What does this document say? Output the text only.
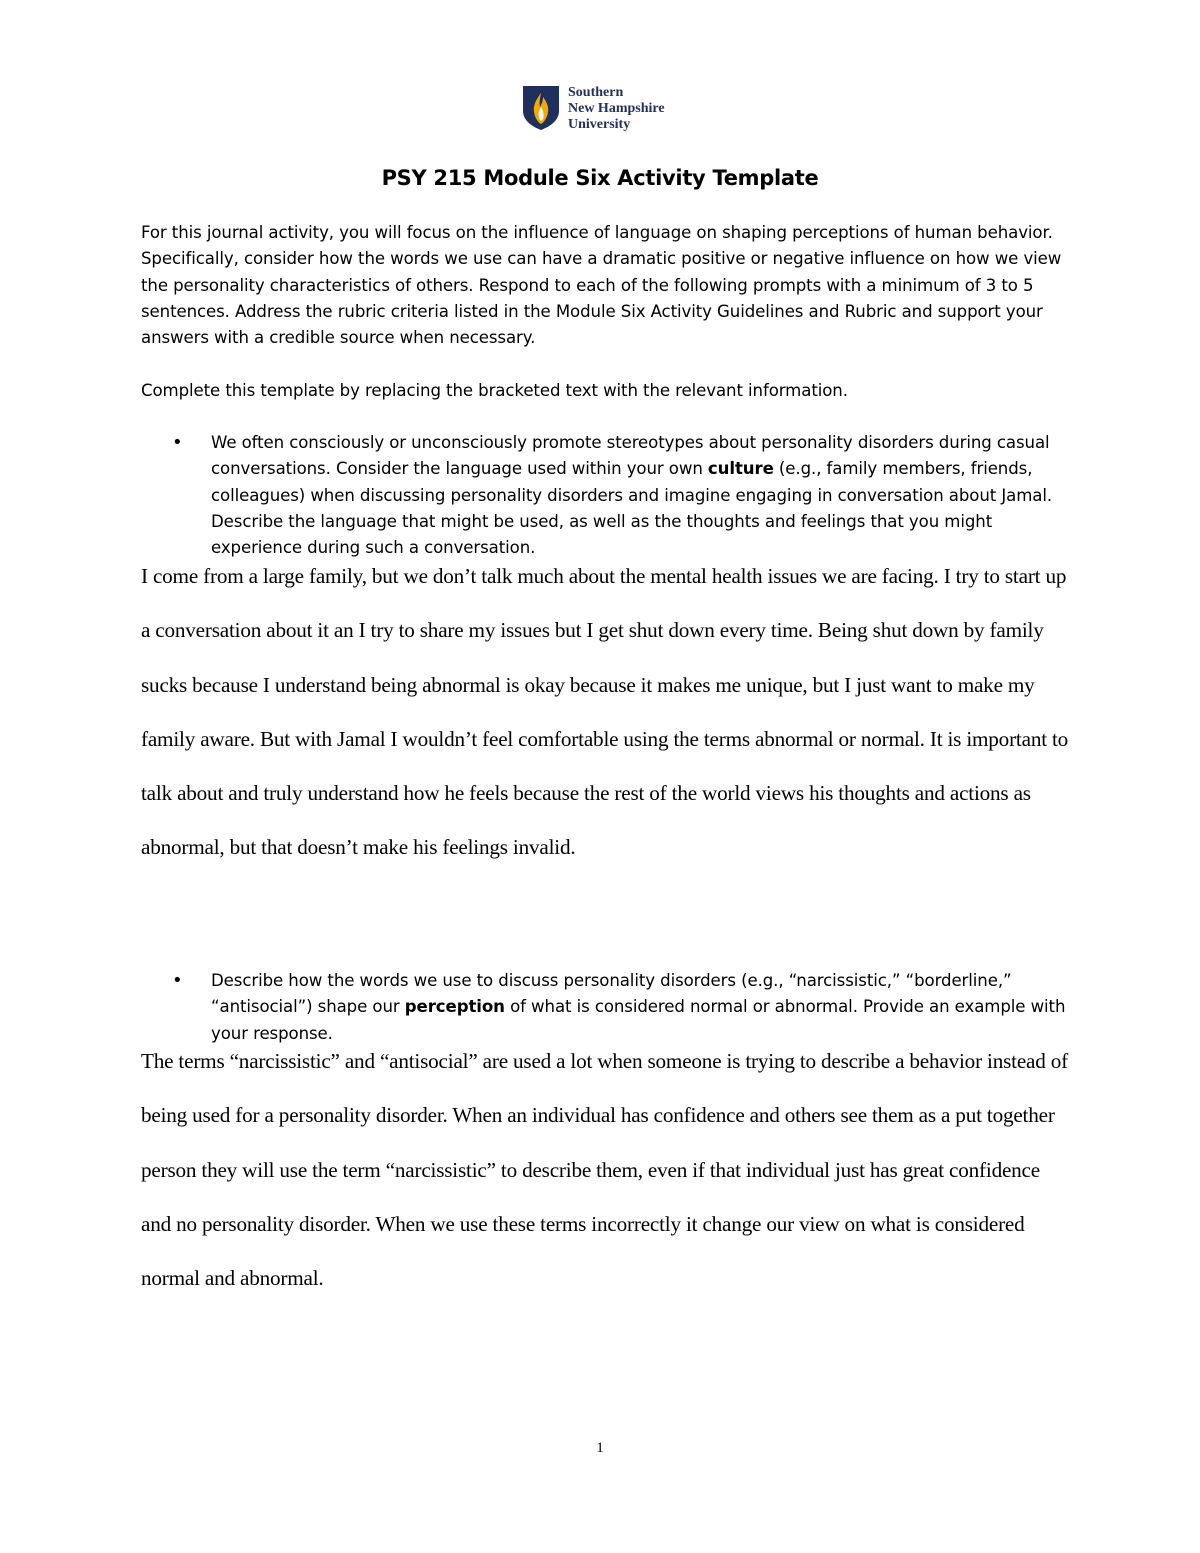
Southern
New Hampshire
University
PSY 215 Module Six Activity Template
For this journal activity, you will focus on the influence of language on shaping perceptions of human behavior. Specifically, consider how the words we use can have a dramatic positive or negative influence on how we view the personality characteristics of others. Respond to each of the following prompts with a minimum of 3 to 5 sentences. Address the rubric criteria listed in the Module Six Activity Guidelines and Rubric and support your answers with a credible source when necessary.
Complete this template by replacing the bracketed text with the relevant information.
• We often consciously or unconsciously promote stereotypes about personality disorders during casual conversations. Consider the language used within your own culture (e.g., family members, friends, colleagues) when discussing personality disorders and imagine engaging in conversation about Jamal. Describe the language that might be used, as well as the thoughts and feelings that you might experience during such a conversation.
I come from a large family, but we don’t talk much about the mental health issues we are facing. I try to start up a conversation about it an I try to share my issues but I get shut down every time. Being shut down by family sucks because I understand being abnormal is okay because it makes me unique, but I just want to make my family aware. But with Jamal I wouldn’t feel comfortable using the terms abnormal or normal. It is important to talk about and truly understand how he feels because the rest of the world views his thoughts and actions as abnormal, but that doesn’t make his feelings invalid.
• Describe how the words we use to discuss personality disorders (e.g., “narcissistic,” “borderline,” “antisocial”) shape our perception of what is considered normal or abnormal. Provide an example with your response.
The terms “narcissistic” and “antisocial” are used a lot when someone is trying to describe a behavior instead of being used for a personality disorder. When an individual has confidence and others see them as a put together person they will use the term “narcissistic” to describe them, even if that individual just has great confidence and no personality disorder. When we use these terms incorrectly it change our view on what is considered normal and abnormal.
1
